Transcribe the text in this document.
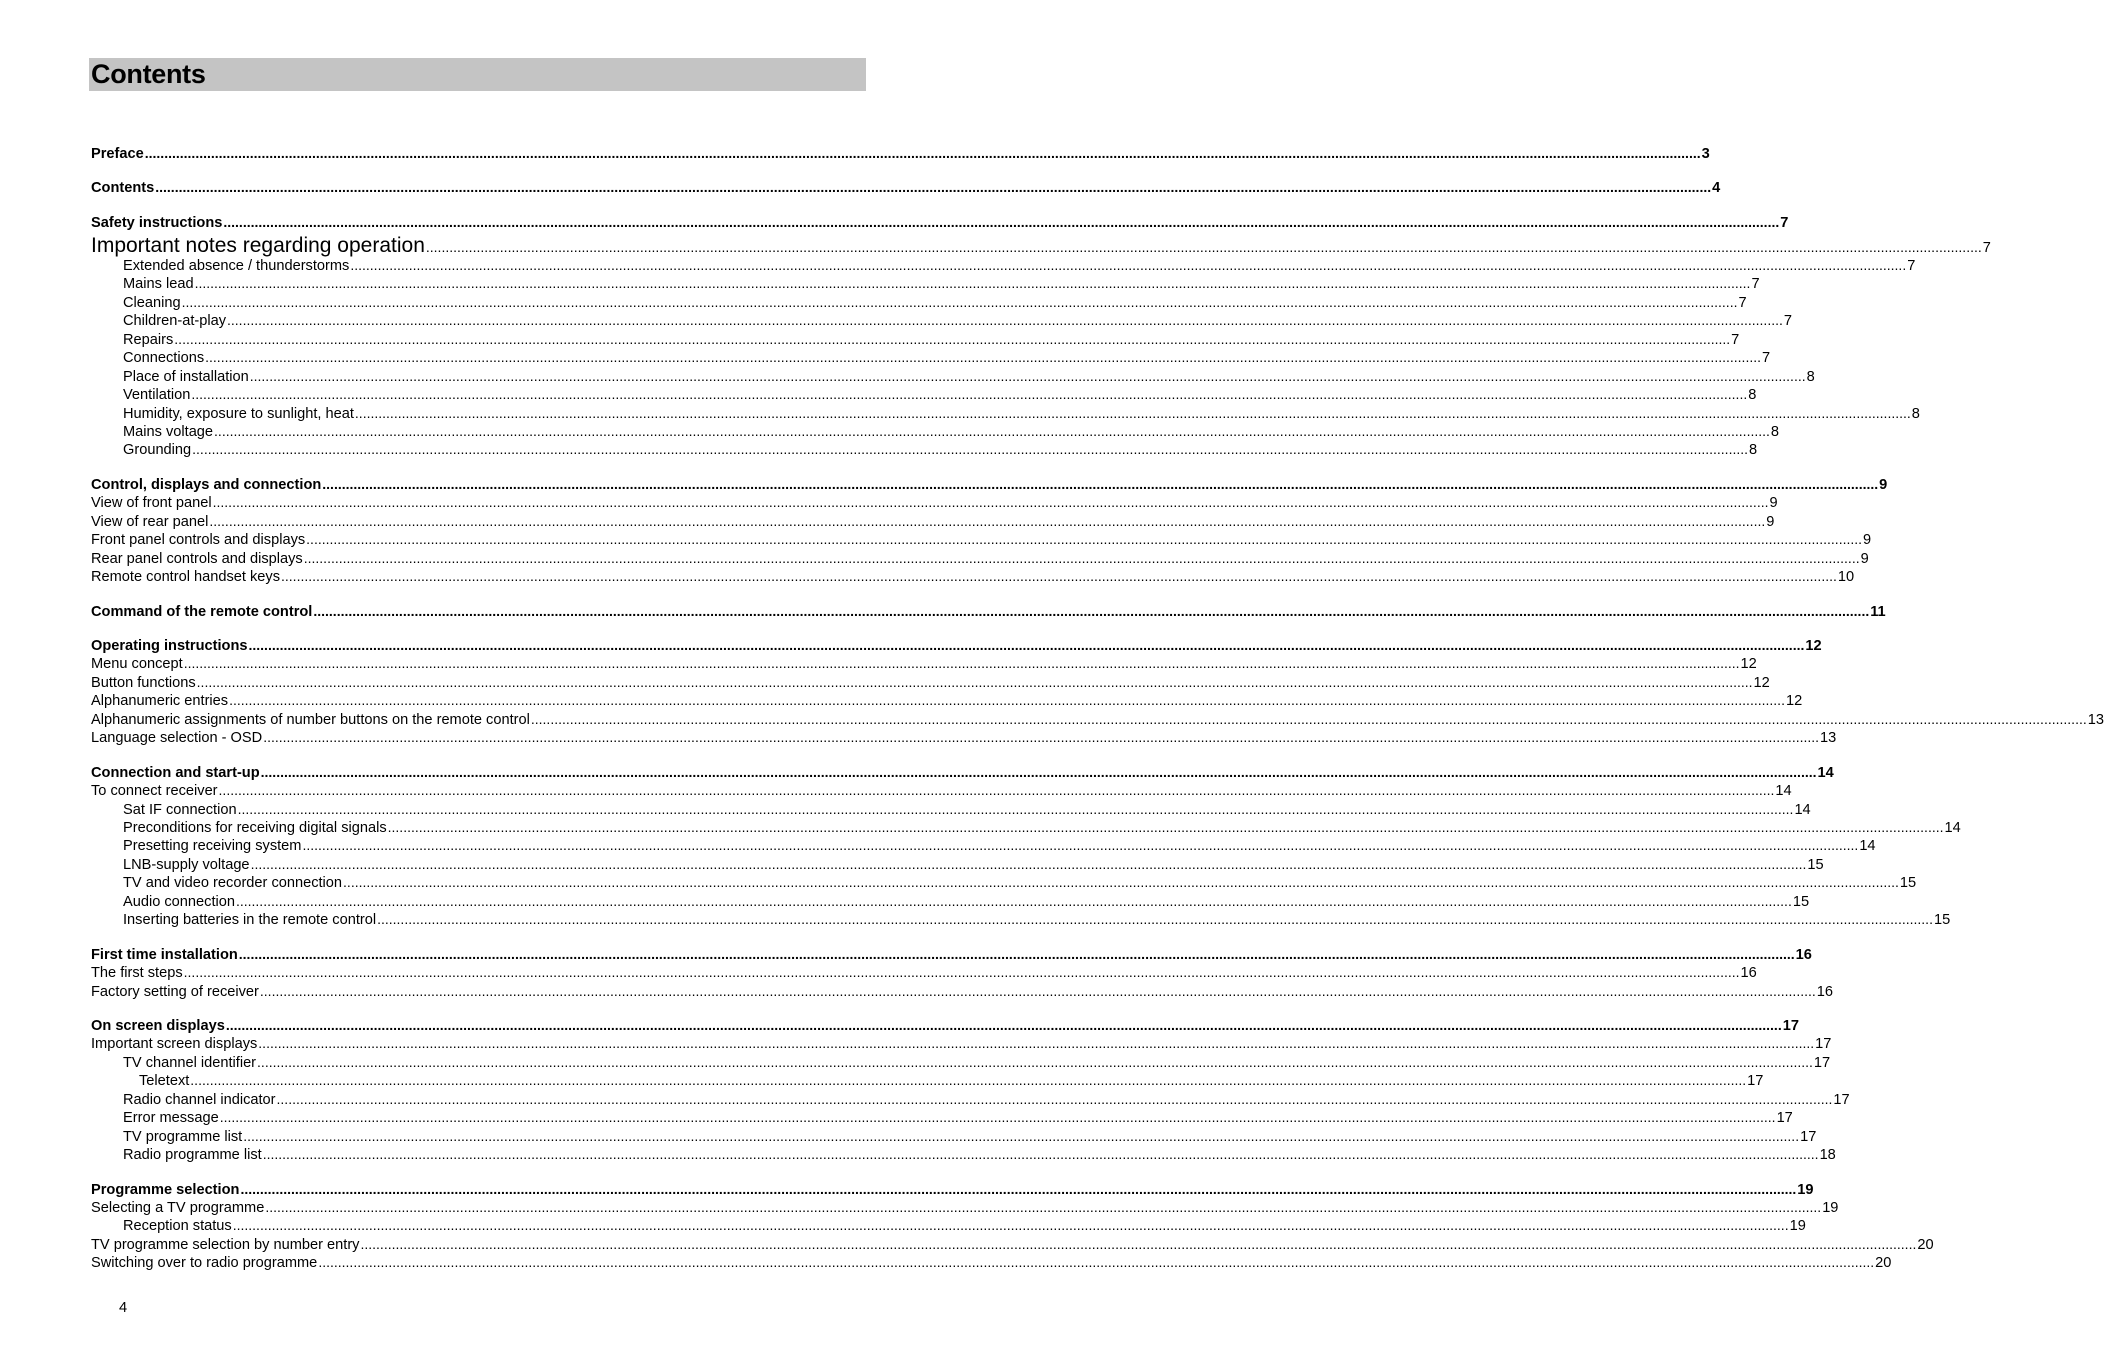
Contents
Preface ................................................................................................................................................................................................................................................................................................................................................................................................................ 3
Contents ................................................................................................................................................................................................................................................................................................................................................................................................................ 4
Safety instructions ................................................................................................................................................................................................................................................................................................................................................................................................................ 7
Important notes regarding operation ................................................................................................................................................................................................................................................................................................................................................................................................................ 7
Extended absence / thunderstorms ................................................................................................................................................................................................................................................................................................................................................................................................................ 7
Mains lead ................................................................................................................................................................................................................................................................................................................................................................................................................ 7
Cleaning ................................................................................................................................................................................................................................................................................................................................................................................................................ 7
Children-at-play ................................................................................................................................................................................................................................................................................................................................................................................................................ 7
Repairs ................................................................................................................................................................................................................................................................................................................................................................................................................ 7
Connections ................................................................................................................................................................................................................................................................................................................................................................................................................ 7
Place of installation ................................................................................................................................................................................................................................................................................................................................................................................................................ 8
Ventilation ................................................................................................................................................................................................................................................................................................................................................................................................................ 8
Humidity, exposure to sunlight, heat ................................................................................................................................................................................................................................................................................................................................................................................................................ 8
Mains voltage ................................................................................................................................................................................................................................................................................................................................................................................................................ 8
Grounding ................................................................................................................................................................................................................................................................................................................................................................................................................ 8
Control, displays and connection ................................................................................................................................................................................................................................................................................................................................................................................................................ 9
View of front panel ................................................................................................................................................................................................................................................................................................................................................................................................................ 9
View of rear panel ................................................................................................................................................................................................................................................................................................................................................................................................................ 9
Front panel controls and displays ................................................................................................................................................................................................................................................................................................................................................................................................................ 9
Rear panel controls and displays ................................................................................................................................................................................................................................................................................................................................................................................................................ 9
Remote control handset keys ................................................................................................................................................................................................................................................................................................................................................................................................................ 10
Command of the remote control ................................................................................................................................................................................................................................................................................................................................................................................................................ 11
Operating instructions ................................................................................................................................................................................................................................................................................................................................................................................................................ 12
Menu concept ................................................................................................................................................................................................................................................................................................................................................................................................................ 12
Button functions ................................................................................................................................................................................................................................................................................................................................................................................................................ 12
Alphanumeric entries ................................................................................................................................................................................................................................................................................................................................................................................................................ 12
Alphanumeric assignments of number buttons on the remote control ................................................................................................................................................................................................................................................................................................................................................................................................................ 13
Language selection - OSD ................................................................................................................................................................................................................................................................................................................................................................................................................ 13
Connection and start-up ................................................................................................................................................................................................................................................................................................................................................................................................................ 14
To connect receiver ................................................................................................................................................................................................................................................................................................................................................................................................................ 14
Sat IF connection ................................................................................................................................................................................................................................................................................................................................................................................................................ 14
Preconditions for receiving digital signals ................................................................................................................................................................................................................................................................................................................................................................................................................ 14
Presetting receiving system ................................................................................................................................................................................................................................................................................................................................................................................................................ 14
LNB-supply voltage ................................................................................................................................................................................................................................................................................................................................................................................................................ 15
TV and video recorder connection ................................................................................................................................................................................................................................................................................................................................................................................................................ 15
Audio connection ................................................................................................................................................................................................................................................................................................................................................................................................................ 15
Inserting batteries in the remote control ................................................................................................................................................................................................................................................................................................................................................................................................................ 15
First time installation ................................................................................................................................................................................................................................................................................................................................................................................................................ 16
The first steps ................................................................................................................................................................................................................................................................................................................................................................................................................ 16
Factory setting of receiver ................................................................................................................................................................................................................................................................................................................................................................................................................ 16
On screen displays ................................................................................................................................................................................................................................................................................................................................................................................................................ 17
Important screen displays ................................................................................................................................................................................................................................................................................................................................................................................................................ 17
TV channel identifier ................................................................................................................................................................................................................................................................................................................................................................................................................ 17
Teletext ................................................................................................................................................................................................................................................................................................................................................................................................................ 17
Radio channel indicator ................................................................................................................................................................................................................................................................................................................................................................................................................ 17
Error message ................................................................................................................................................................................................................................................................................................................................................................................................................ 17
TV programme list ................................................................................................................................................................................................................................................................................................................................................................................................................ 17
Radio programme list ................................................................................................................................................................................................................................................................................................................................................................................................................ 18
Programme selection ................................................................................................................................................................................................................................................................................................................................................................................................................ 19
Selecting a TV programme ................................................................................................................................................................................................................................................................................................................................................................................................................ 19
Reception status ................................................................................................................................................................................................................................................................................................................................................................................................................ 19
TV programme selection by number entry ................................................................................................................................................................................................................................................................................................................................................................................................................ 20
Switching over to radio programme ................................................................................................................................................................................................................................................................................................................................................................................................................ 20
4
